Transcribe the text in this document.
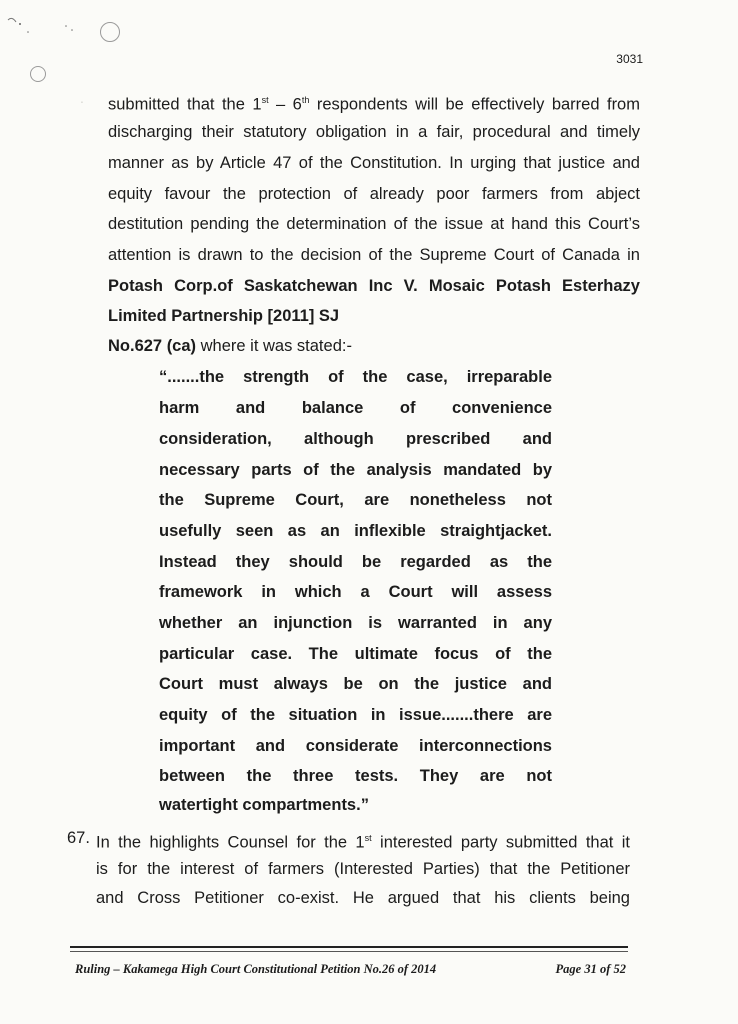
3031
. submitted that the 1st – 6th respondents will be effectively barred from
discharging their statutory obligation in a fair, procedural and timely
manner as by Article 47 of the Constitution. In urging that justice and
equity favour the protection of already poor farmers from abject
destitution pending the determination of the issue at hand this Court’s
attention is drawn to the decision of the Supreme Court of Canada in
Potash Corp.of Saskatchewan Inc V. Mosaic Potash Esterhazy
Limited Partnership [2011] SJ
No.627 (ca) where it was stated:-
“.......the strength of the case, irreparable
harm and balance of convenience
consideration, although prescribed and
necessary parts of the analysis mandated by
the Supreme Court, are nonetheless not
usefully seen as an inflexible straightjacket.
Instead they should be regarded as the
framework in which a Court will assess
whether an injunction is warranted in any
particular case. The ultimate focus of the
Court must always be on the justice and
equity of the situation in issue.......there are
important and considerate interconnections
between the three tests. They are not
watertight compartments.”
67. In the highlights Counsel for the 1st interested party submitted that it
is for the interest of farmers (Interested Parties) that the Petitioner
and Cross Petitioner co-exist. He argued that his clients being
Ruling – Kakamega High Court Constitutional Petition No.26 of 2014	Page 31 of 52
